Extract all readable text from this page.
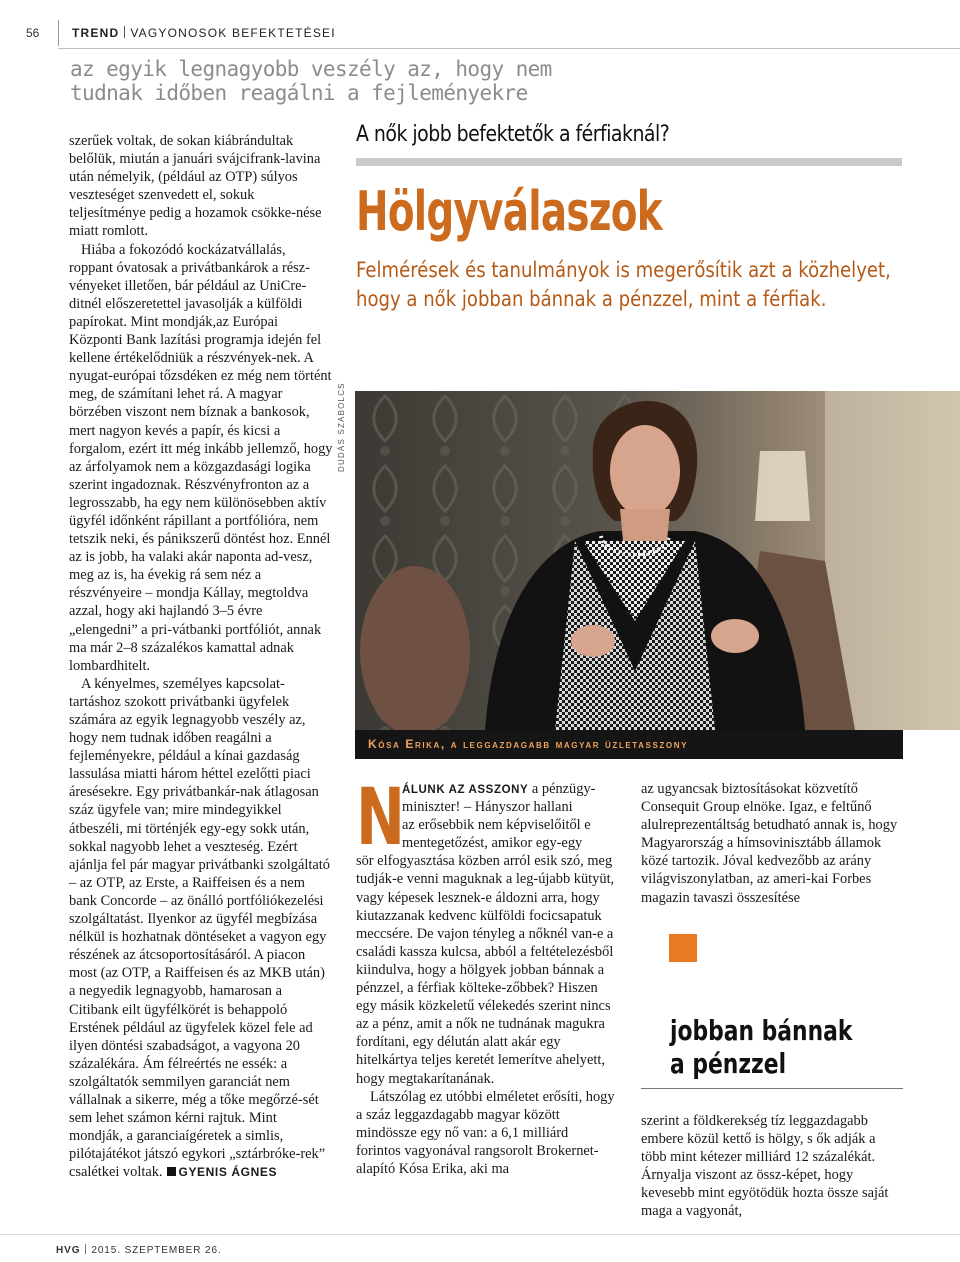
56	TREND VAGYONOSOK BEFEKTETÉSEI
az egyik legnagyobb veszély az, hogy nem tudnak időben reagálni a fejleményekre

szerűek voltak, de sokan kiábrándultak belőlük, miután a januári svájcifrank-lavina után némelyik, (például az OTP) súlyos veszteséget szenvedett el, sokuk teljesítménye pedig a hozamok csökke-nése miatt romlott.

Hiába a fokozódó kockázatvállalás, roppant óvatosak a privátbankárok a rész-vényeket illetően, bár például az UniCre-ditnél előszeretettel javasolják a külföldi papírokat. Mint mondják,az Európai Központi Bank lazítási programja idején fel kellene értékelődniük a részvények-nek. A nyugat-európai tőzsdéken ez még nem történt meg, de számítani lehet rá. A magyar börzében viszont nem bíznak a bankosok, mert nagyon kevés a papír, és kicsi a forgalom, ezért itt még inkább jellemző, hogy az árfolyamok nem a közgazdasági logika szerint ingadoznak. Részvényfronton az a legrosszabb, ha egy nem különösebben aktív ügyfél időnként rápillant a portfólióra, nem tetszik neki, és pánikszerű döntést hoz. Ennél az is jobb, ha valaki akár naponta ad-vesz, meg az is, ha évekig rá sem néz a részvényeire – mondja Kállay, megtoldva azzal, hogy aki hajlandó 3–5 évre „elengedni” a pri-vátbanki portfóliót, annak ma már 2–8 százalékos kamattal adnak lombardhitelt.

A kényelmes, személyes kapcsolat-tartáshoz szokott privátbanki ügyfelek számára az egyik legnagyobb veszély az, hogy nem tudnak időben reagálni a fejleményekre, például a kínai gazdaság lassulása miatti három héttel ezelőtti piaci áresésekre. Egy privátbankár-nak átlagosan száz ügyfele van; mire mindegyikkel átbeszéli, mi történjék egy-egy sokk után, sokkal nagyobb lehet a veszteség. Ezért ajánlja fel pár magyar privátbanki szolgáltató – az OTP, az Erste, a Raiffeisen és a nem bank Concorde – az önálló portfóliókezelési szolgáltatást. Ilyenkor az ügyfél megbízása nélkül is hozhatnak döntéseket a vagyon egy részének az átcsoportosításáról. A piacon most (az OTP, a Raiffeisen és az MKB után) a negyedik legnagyobb, hamarosan a Citibank eilt ügyfélkörét is behappoló Erstének például az ügyfelek közel fele ad ilyen döntési szabadságot, a vagyona 20 százalékára. Ám félreértés ne essék: a szolgáltatók semmilyen garanciát nem vállalnak a sikerre, még a tőke megőrzé-sét sem lehet számon kérni rajtuk. Mint mondják, a garanciaígéretek a simlis, pilótajátékot játszó egykori „sztárbróke-rek” csalétkei voltak. GYENIS ÁGNES

A nők jobb befektetők a férfiaknál?
Hölgyválaszok
Felmérések és tanulmányok is megerősítik azt a közhelyet, hogy a nők jobban bánnak a pénzzel, mint a férfiak.
DUDÁS SZABOLCS
Kósa Erika, a leggazdagabb magyar üzletasszony
N
ÁLUNK AZ ASSZONY a pénzügy-
miniszter! – Hányszor hallani
az erősebbik nem képviselőitől e
mentegetőzést, amikor egy-egy

sör elfogyasztása közben arról esik szó, meg tudják-e venni maguknak a leg-újabb kütyüt, vagy képesek lesznek-e áldozni arra, hogy kiutazzanak kedvenc külföldi focicsapatuk meccsére. De vajon tényleg a nőknél van-e a családi kassza kulcsa, abból a feltételezésből kiindulva, hogy a hölgyek jobban bánnak a pénzzel, a férfiak költeke-zőbbek? Hiszen egy másik közkeletű vélekedés szerint nincs az a pénz, amit a nők ne tudnának magukra fordítani, egy délután alatt akár egy hitelkártya teljes keretét lemerítve ahelyett, hogy megtakarítanának.

Látszólag ez utóbbi elméletet erősíti, hogy a száz leggazdagabb magyar között mindössze egy nő van: a 6,1 milliárd forintos vagyonával rangsorolt Brokernet-alapító Kósa Erika, aki ma

az ugyancsak biztosításokat közvetítő Consequit Group elnöke. Igaz, e feltűnő alulreprezentáltság betudható annak is, hogy Magyarország a hímsovinisztább államok közé tartozik. Jóval kedvezőbb az arány világviszonylatban, az ameri-kai Forbes magazin tavaszi összesítése
jobban bánnak
a pénzzel
szerint a földkerekség tíz leggazdagabb embere közül kettő is hölgy, s ők adják a több mint kétezer milliárd 12 százalékát. Árnyalja viszont az össz-képet, hogy kevesebb mint egyötödük hozta össze saját maga a vagyonát,
HVG 2015. SZEPTEMBER 26.
